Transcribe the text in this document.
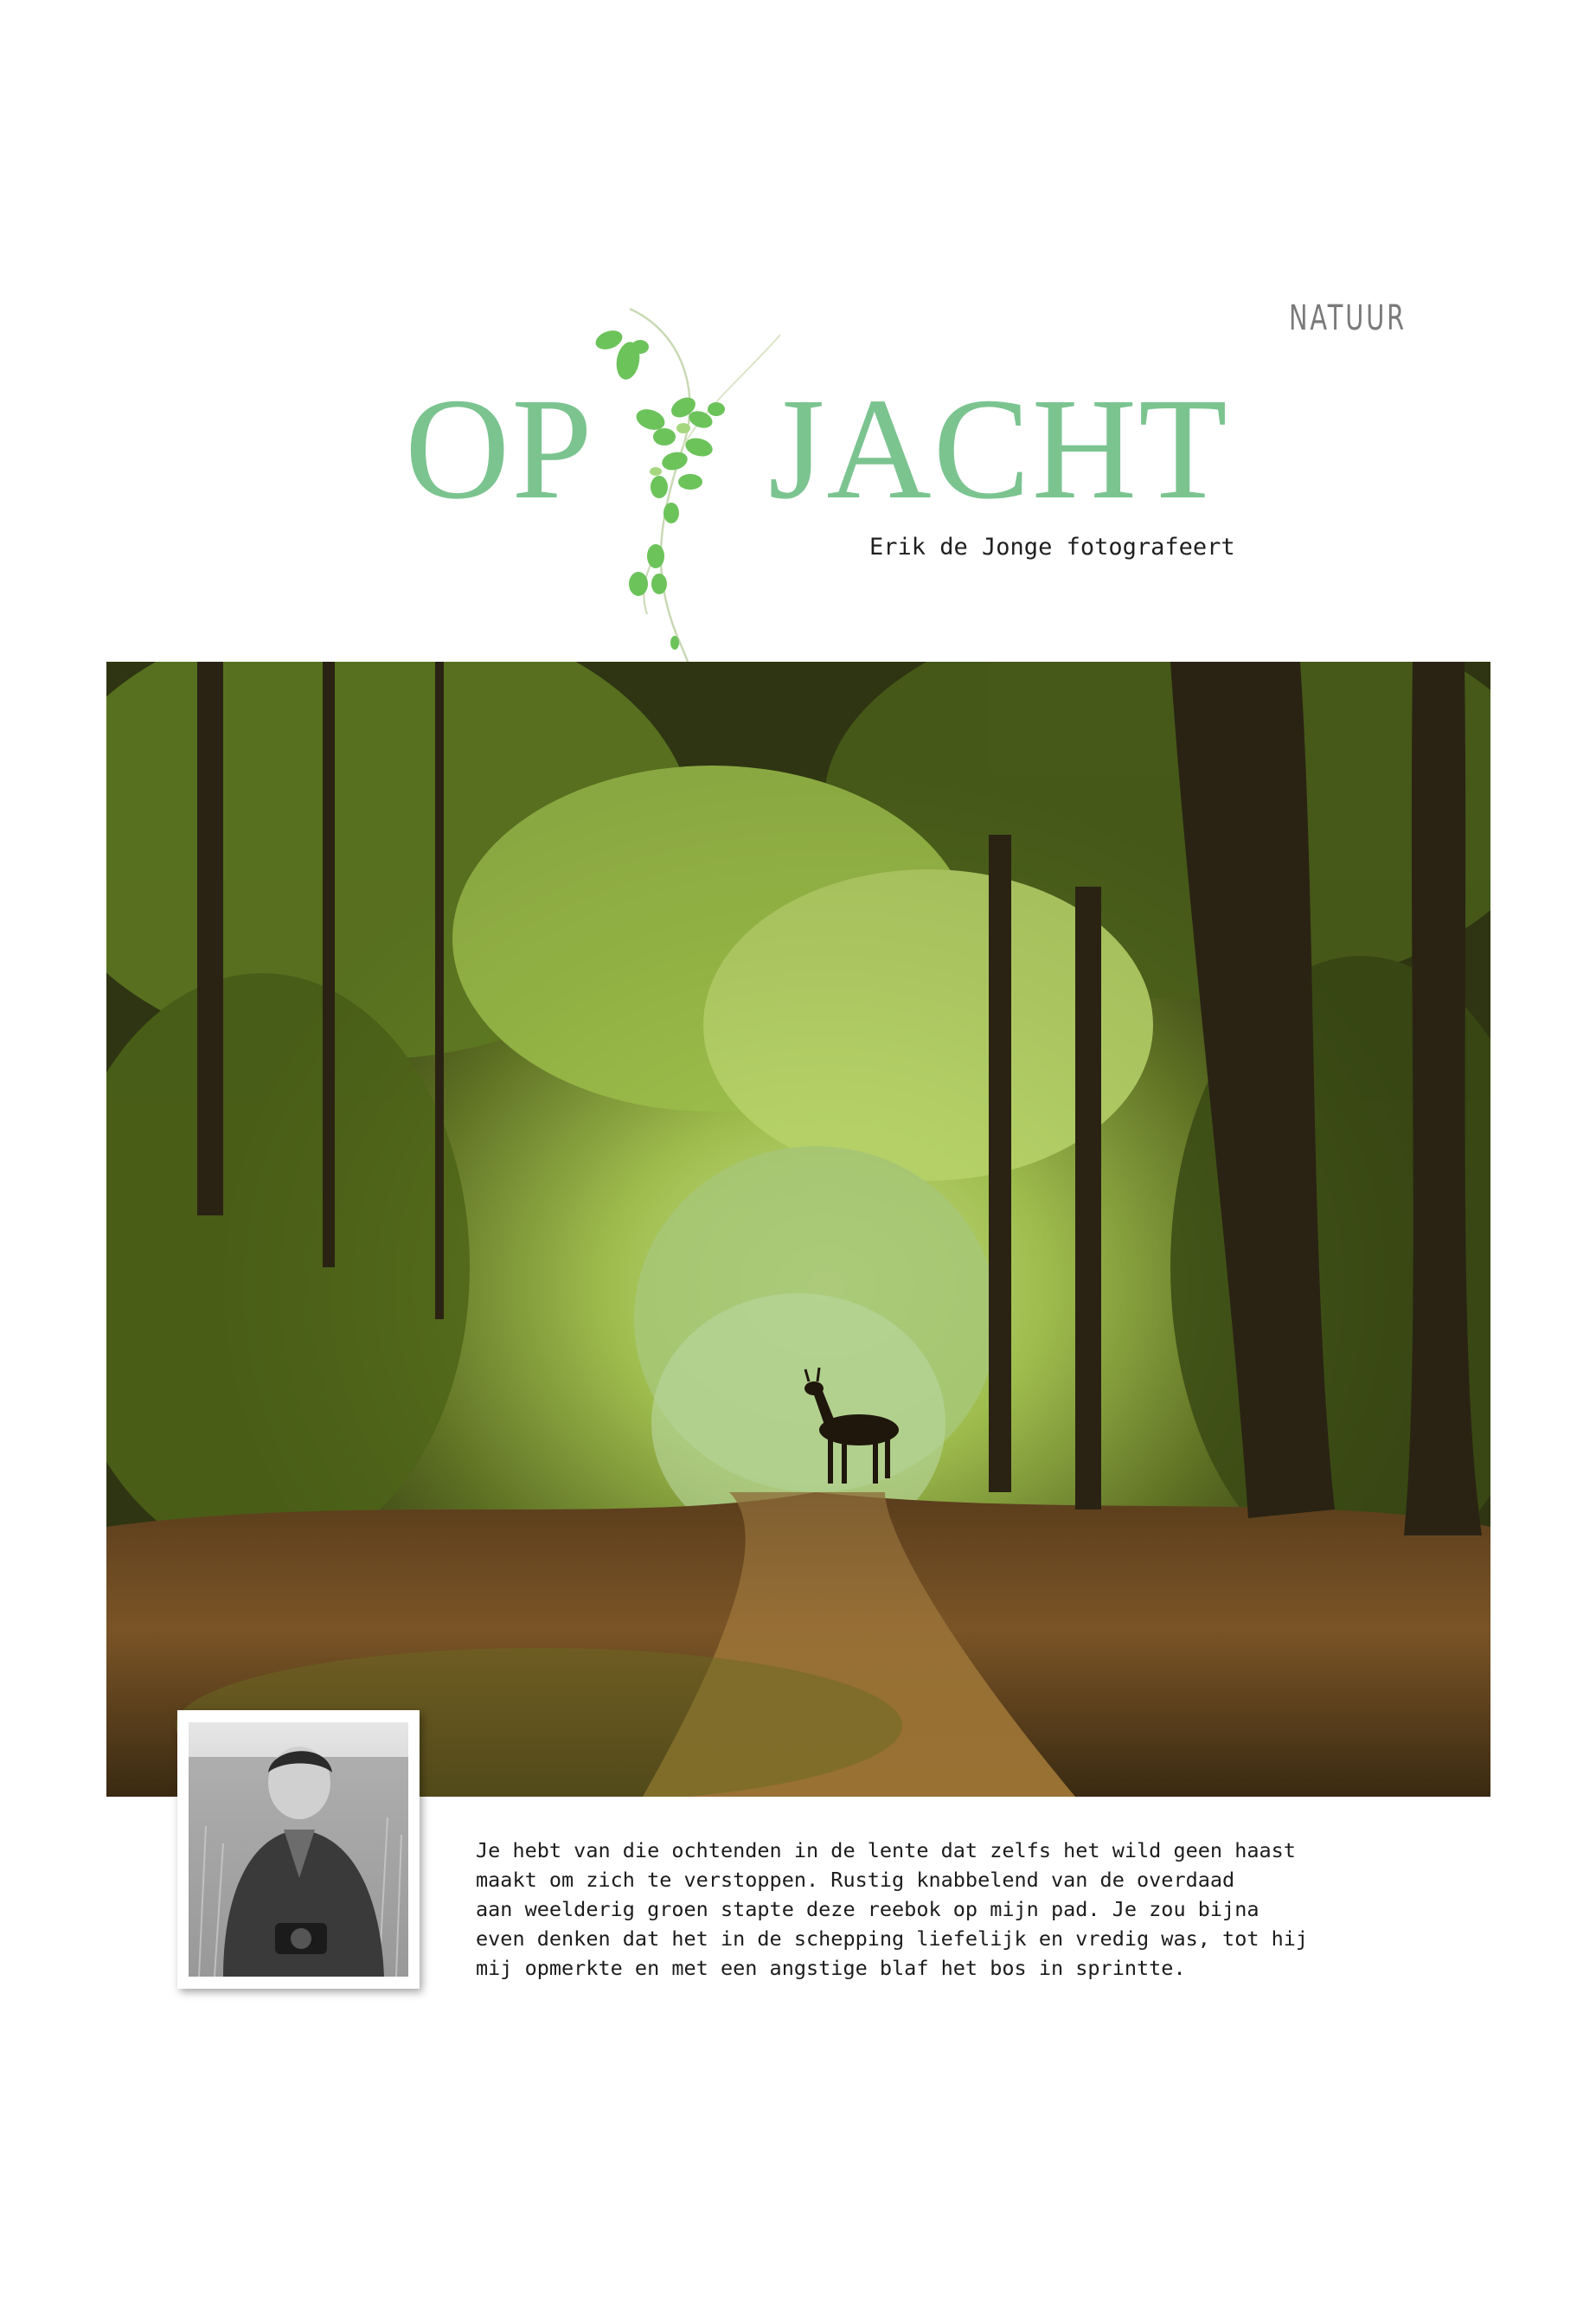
NATUUR
OP JACHT
Erik de Jonge fotografeert
Je hebt van die ochtenden in de lente dat zelfs het wild geen haast
maakt om zich te verstoppen. Rustig knabbelend van de overdaad
aan weelderig groen stapte deze reebok op mijn pad. Je zou bijna
even denken dat het in de schepping liefelijk en vredig was, tot hij
mij opmerkte en met een angstige blaf het bos in sprintte.
